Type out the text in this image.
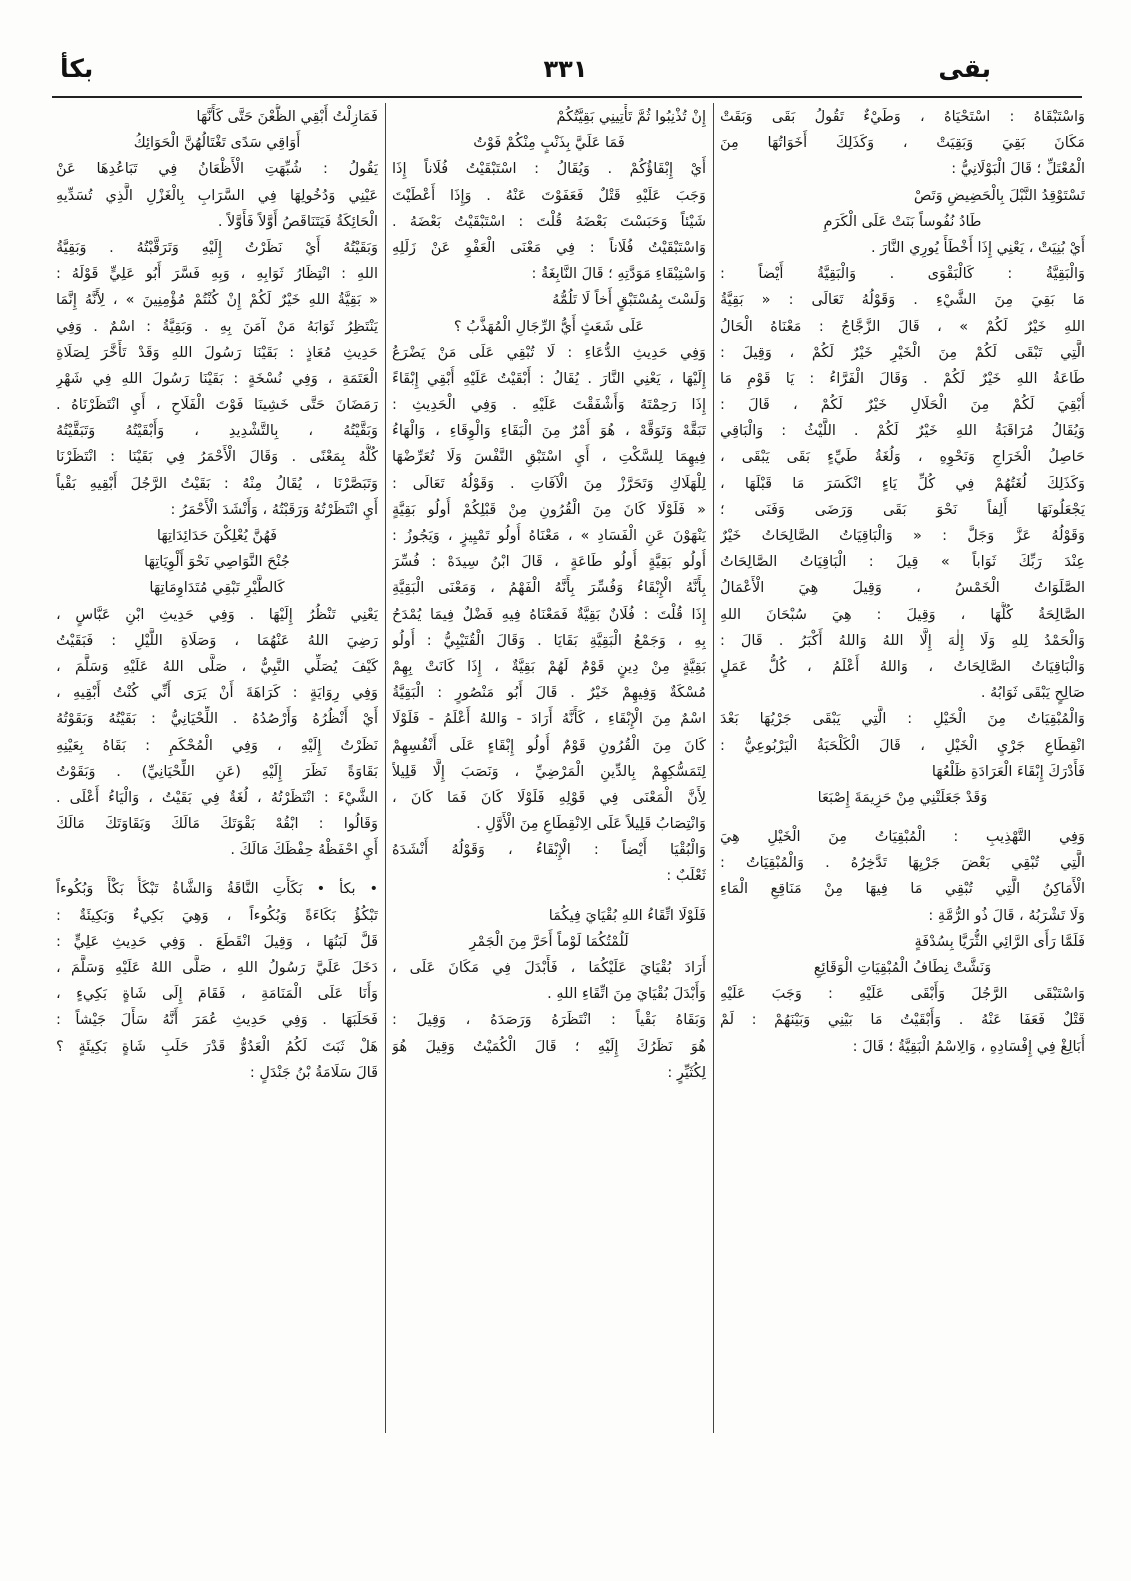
بقى
٣٣١
بكأ
وَاسْتَبْقَاهُ : اسْتَحْيَاهُ ، وَطَيْءٌ تَقُولُ بَقَى وَبَقَتْ
مَكَانَ بَقِيَ وَبَقِيَتْ ، وَكَذَلِكَ أَخَوَاتُهَا مِنَ
الْمُعْتَلِّ ؛ قَالَ الْبَوْلَانِيُّ :
تَسْتَوْقِدُ النَّبْلَ بِالْحَضِيضِ وَتَصْ
طَادُ نُفُوساً بَنَتْ عَلَى الْكَرَمِ
أَيْ بُنِيَتْ ، يَعْنِي إِذَا أَخْطَأَ يُورِي النَّارَ .
وَالْبَقِيَّةُ : كَالْبَقْوَى . وَالْبَقِيَّةُ أَيْضاً :
مَا بَقِيَ مِنَ الشَّيْءِ . وَقَوْلُهُ تَعَالَى : « بَقِيَّةُ
اللهِ خَيْرٌ لَكُمْ » ، قَالَ الزَّجَّاجُ : مَعْنَاهُ الْحَالُ
الَّتِي تَبْقَى لَكُمْ مِنَ الْخَيْرِ خَيْرٌ لَكُمْ ، وَقِيلَ :
طَاعَةُ اللهِ خَيْرٌ لَكُمْ . وَقَالَ الْفَرَّاءُ : يَا قَوْمِ مَا
أُبْقِيَ لَكُمْ مِنَ الْحَلَالِ خَيْرٌ لَكُمْ ، قَالَ :
وَيُقَالُ مُرَاقَبَةُ اللهِ خَيْرٌ لَكُمْ . اللَّيْثُ : وَالْبَاقِي
حَاصِلُ الْخَرَاجِ وَنَحْوِهِ ، وَلُغَةُ طَيِّءٍ بَقَى يَبْقَى ،
وَكَذَلِكَ لُغَتُهُمْ فِي كُلِّ يَاءٍ انْكَسَرَ مَا قَبْلَهَا ،
يَجْعَلُونَهَا أَلِفاً نَحْوَ بَقَى وَرَضَى وَفَنَى ؛
وَقَوْلُهُ عَزَّ وَجَلَّ : « وَالْبَاقِيَاتُ الصَّالِحَاتُ خَيْرٌ
عِنْدَ رَبِّكَ ثَوَاباً » قِيلَ : الْبَاقِيَاتُ الصَّالِحَاتُ
الصَّلَوَاتُ الْخَمْسُ ، وَقِيلَ هِيَ الْأَعْمَالُ
الصَّالِحَةُ كُلُّهَا ، وَقِيلَ : هِيَ سُبْحَانَ اللهِ
وَالْحَمْدُ لِلهِ وَلَا إِلٰهَ إِلَّا اللهُ وَاللهُ أَكْبَرُ . قَالَ :
وَالْبَاقِيَاتُ الصَّالِحَاتُ ، وَاللهُ أَعْلَمُ ، كُلُّ عَمَلٍ
صَالِحٍ يَبْقَى ثَوَابُهُ .
وَالْمُبْقِيَاتُ مِنَ الْخَيْلِ : الَّتِي يَبْقَى جَرْيُهَا بَعْدَ
انْقِطَاعِ جَرْيِ الْخَيْلِ ، قَالَ الْكَلْحَبَةُ الْيَرْبُوعِيُّ :
فَأَدْرَكَ إِبْقَاءَ الْعَرَادَةِ ظَلْعُهَا
وَقَدْ جَعَلَتْنِي مِنْ حَزِيمَةَ إِصْبَعَا
وَفِي التَّهْذِيبِ : الْمُبْقِيَاتُ مِنَ الْخَيْلِ هِيَ
الَّتِي تُبْقِي بَعْضَ جَرْيِهَا تَدَّخِرُهُ . وَالْمُبْقِيَاتُ :
الْأَمَاكِنُ الَّتِي تُبْقِي مَا فِيهَا مِنْ مَنَاقِعِ الْمَاءِ
وَلَا تَشْرَبُهُ ، قَالَ ذُو الرُّمَّةِ :
فَلَمَّا رَأَى الرَّائِي الثُّرَيَّا بِسُدْفَةٍ
وَنَشَّتْ نِطَافُ الْمُبْقِيَاتِ الْوَقَائِعِ
وَاسْتَبْقَى الرَّجُلَ وَأَبْقَى عَلَيْهِ : وَجَبَ عَلَيْهِ
قَتْلٌ فَعَفَا عَنْهُ . وَأَبْقَيْتُ مَا بَيْنِي وَبَيْنَهُمْ : لَمْ
أُبَالِغْ فِي إِفْسَادِهِ ، وَالِاسْمُ الْبَقِيَّةُ ؛ قَالَ :
إِنْ تُذْنِبُوا ثُمَّ تَأْتِينِي بَقِيَّتُكُمْ
فَمَا عَلَيَّ بِذَنْبٍ مِنْكُمْ فَوْتُ
أَيْ إِبْقَاؤُكُمْ . وَيُقَالُ : اسْتَبْقَيْتُ فُلَاناً إِذَا
وَجَبَ عَلَيْهِ قَتْلٌ فَعَفَوْتَ عَنْهُ . وَإِذَا أَعْطَيْتَ
شَيْئاً وَحَبَسْتَ بَعْضَهُ قُلْتَ : اسْتَبْقَيْتُ بَعْضَهُ .
وَاسْتَبْقَيْتُ فُلَاناً : فِي مَعْنَى الْعَفْوِ عَنْ زَلَلِهِ
وَاسْتِبْقَاءِ مَوَدَّتِهِ ؛ قَالَ النَّابِغَةُ :
وَلَسْتَ بِمُسْتَبْقٍ أَخاً لَا تَلُمُّهُ
عَلَى شَعَثٍ أَيُّ الرِّجَالِ الْمُهَذَّبُ ؟
وَفِي حَدِيثِ الدُّعَاءِ : لَا تُبْقِي عَلَى مَنْ يَضْرَعُ
إِلَيْهَا ، يَعْنِي النَّارَ . يُقَالُ : أَبْقَيْتُ عَلَيْهِ أُبْقِي إِبْقَاءً
إِذَا رَحِمْتَهُ وَأَشْفَقْتَ عَلَيْهِ . وَفِي الْحَدِيثِ :
تَبَقَّهْ وَتَوَقَّهْ ، هُوَ أَمْرٌ مِنَ الْبَقَاءِ وَالْوِقَاءِ ، وَالْهَاءُ
فِيهِمَا لِلسَّكْتِ ، أَيِ اسْتَبْقِ النَّفْسَ وَلَا تُعَرِّضْهَا
لِلْهَلَاكِ وَتَحَرَّزْ مِنَ الْآفَاتِ . وَقَوْلُهُ تَعَالَى :
« فَلَوْلَا كَانَ مِنَ الْقُرُونِ مِنْ قَبْلِكُمْ أُولُو بَقِيَّةٍ
يَنْهَوْنَ عَنِ الْفَسَادِ » ، مَعْنَاهُ أُولُو تَمْيِيزٍ ، وَيَجُوزُ :
أُولُو بَقِيَّةٍ أُولُو طَاعَةٍ ، قَالَ ابْنُ سِيدَهْ : فُسِّرَ
بِأَنَّهُ الْإِبْقَاءُ وَفُسِّرَ بِأَنَّهُ الْفَهْمُ ، وَمَعْنَى الْبَقِيَّةِ
إِذَا قُلْتَ : فُلَانٌ بَقِيَّةٌ فَمَعْنَاهُ فِيهِ فَضْلٌ فِيمَا يُمْدَحُ
بِهِ ، وَجَمْعُ الْبَقِيَّةِ بَقَايَا . وَقَالَ الْقُتَيْبِيُّ : أُولُو
بَقِيَّةٍ مِنْ دِينٍ قَوْمٌ لَهُمْ بَقِيَّةٌ ، إِذَا كَانَتْ بِهِمْ
مُسْكَةٌ وَفِيهِمْ خَيْرٌ . قَالَ أَبُو مَنْصُورٍ : الْبَقِيَّةُ
اسْمٌ مِنَ الْإِبْقَاءِ ، كَأَنَّهُ أَرَادَ - وَاللهُ أَعْلَمُ - فَلَوْلَا
كَانَ مِنَ الْقُرُونِ قَوْمٌ أُولُو إِبْقَاءٍ عَلَى أَنْفُسِهِمْ
لِتَمَسُّكِهِمْ بِالدِّينِ الْمَرْضِيِّ ، وَنَصَبَ إِلَّا قَلِيلاً
لِأَنَّ الْمَعْنَى فِي قَوْلِهِ فَلَوْلَا كَانَ فَمَا كَانَ ،
وَانْتِصَابُ قَلِيلاً عَلَى الِانْقِطَاعِ مِنَ الْأَوَّلِ .
وَالْبُقْيَا أَيْضاً : الْإِبْقَاءُ ، وَقَوْلُهُ أَنْشَدَهُ
ثَعْلَبٌ :
فَلَوْلَا اتِّقَاءُ اللهِ بُقْيَايَ فِيكُمَا
لَلُمْتُكُمَا لَوْماً أَحَرَّ مِنَ الْجَمْرِ
أَرَادَ بُقْيَايَ عَلَيْكُمَا ، فَأَبْدَلَ فِي مَكَانَ عَلَى ،
وَأَبْدَلَ بُقْيَايَ مِنَ اتِّقَاءِ اللهِ .
وَبَقَاهُ بَقْياً : انْتَظَرَهُ وَرَصَدَهُ ، وَقِيلَ :
هُوَ نَظَرُكَ إِلَيْهِ ؛ قَالَ الْكُمَيْتُ وَقِيلَ هُوَ
لِكُثَيِّرٍ :
فَمَازِلْتُ أَبْقِي الظُّعْنَ حَتَّى كَأَنَّهَا
أَوَاقِي سَدًى تَغْتَالُهُنَّ الْحَوَائِكُ
يَقُولُ : شُبِّهَتِ الْأَظْعَانُ فِي تَبَاعُدِهَا عَنْ
عَيْنِي وَدُخُولِهَا فِي السَّرَابِ بِالْغَزْلِ الَّذِي تُسَدِّيهِ
الْحَائِكَةُ فَيَتَنَاقَصُ أَوَّلاً فَأَوَّلاً .
وَبَقَيْتُهُ أَيْ نَظَرْتُ إِلَيْهِ وَتَرَقَّبْتُهُ . وَبَقِيَّةُ
اللهِ : انْتِظَارُ ثَوَابِهِ ، وَبِهِ فَسَّرَ أَبُو عَلِيٍّ قَوْلَهُ :
« بَقِيَّةُ اللهِ خَيْرٌ لَكُمْ إِنْ كُنْتُمْ مُؤْمِنِينَ » ، لِأَنَّهُ إِنَّمَا
يَنْتَظِرُ ثَوَابَهُ مَنْ آمَنَ بِهِ . وَبَقِيَّةُ : اسْمٌ . وَفِي
حَدِيثِ مُعَاذٍ : بَقَيْنَا رَسُولَ اللهِ وَقَدْ تَأَخَّرَ لِصَلَاةِ
الْعَتَمَةِ ، وَفِي نُسْخَةٍ : بَقَيْنَا رَسُولَ اللهِ فِي شَهْرِ
رَمَضَانَ حَتَّى خَشِينَا فَوْتَ الْفَلَاحِ ، أَيِ انْتَظَرْنَاهُ .
وَبَقَّيْتُهُ ، بِالتَّشْدِيدِ ، وَأَبْقَيْتُهُ وَتَبَقَّيْتُهُ
كُلُّهُ بِمَعْنًى . وَقَالَ الْأَحْمَرُ فِي بَقَيْنَا : انْتَظَرْنَا
وَتَبَصَّرْنَا ، يُقَالُ مِنْهُ : بَقَيْتُ الرَّجُلَ أَبْقِيهِ بَقْياً
أَيِ انْتَظَرْتُهُ وَرَقَبْتُهُ ، وَأَنْشَدَ الْأَحْمَرُ :
فَهُنَّ يُعْلِكْنَ حَدَائِدَاتِهَا
جُنْحَ النَّوَاصِي نَحْوَ أَلْوِيَاتِهَا
كَالطَّيْرِ تَبْقِي مُتَدَاوِمَاتِهَا
يَعْنِي تَنْظُرُ إِلَيْهَا . وَفِي حَدِيثِ ابْنِ عَبَّاسٍ ،
رَضِيَ اللهُ عَنْهُمَا ، وَصَلَاةِ اللَّيْلِ : فَبَقَيْتُ
كَيْفَ يُصَلِّي النَّبِيُّ ، صَلَّى اللهُ عَلَيْهِ وَسَلَّمَ ،
وَفِي رِوَايَةٍ : كَرَاهَةَ أَنْ يَرَى أَنِّي كُنْتُ أَبْقِيهِ ،
أَيْ أَنْظُرُهُ وَأَرْصُدُهُ . اللِّحْيَانِيُّ : بَقَيْتُهُ وَبَقَوْتُهُ
نَظَرْتُ إِلَيْهِ ، وَفِي الْمُحْكَمِ : بَقَاهُ بِعَيْنِهِ
بَقَاوَةً نَظَرَ إِلَيْهِ (عَنِ اللِّحْيَانِيِّ) . وَبَقَوْتُ
الشَّيْءَ : انْتَظَرْتُهُ ، لُغَةٌ فِي بَقَيْتُ ، وَالْيَاءُ أَعْلَى .
وَقَالُوا : ابْقُهْ بَقْوَتَكَ مَالَكَ وَبَقَاوَتَكَ مَالَكَ
أَيِ احْفَظْهُ حِفْظَكَ مَالَكَ .
• بكأ • بَكَأَتِ النَّاقَةُ وَالشَّاةُ تَبْكَأُ بَكْأً وَبُكُوءاً
تَبْكُؤُ بَكَاءَةً وَبُكُوءاً ، وَهِيَ بَكِيءٌ وَبَكِيئَةٌ :
قَلَّ لَبَنُهَا ، وَقِيلَ انْقَطَعَ . وَفِي حَدِيثِ عَلِيٍّ :
دَخَلَ عَلَيَّ رَسُولُ اللهِ ، صَلَّى اللهُ عَلَيْهِ وَسَلَّمَ ،
وَأَنَا عَلَى الْمَنَامَةِ ، فَقَامَ إِلَى شَاةٍ بَكِيءٍ ،
فَحَلَبَهَا . وَفِي حَدِيثِ عُمَرَ أَنَّهُ سَأَلَ جَيْشاً :
هَلْ ثَبَتَ لَكُمُ الْعَدُوُّ قَدْرَ حَلَبِ شَاةٍ بَكِيئَةٍ ؟
قَالَ سَلَامَةُ بْنُ جَنْدَلٍ :
